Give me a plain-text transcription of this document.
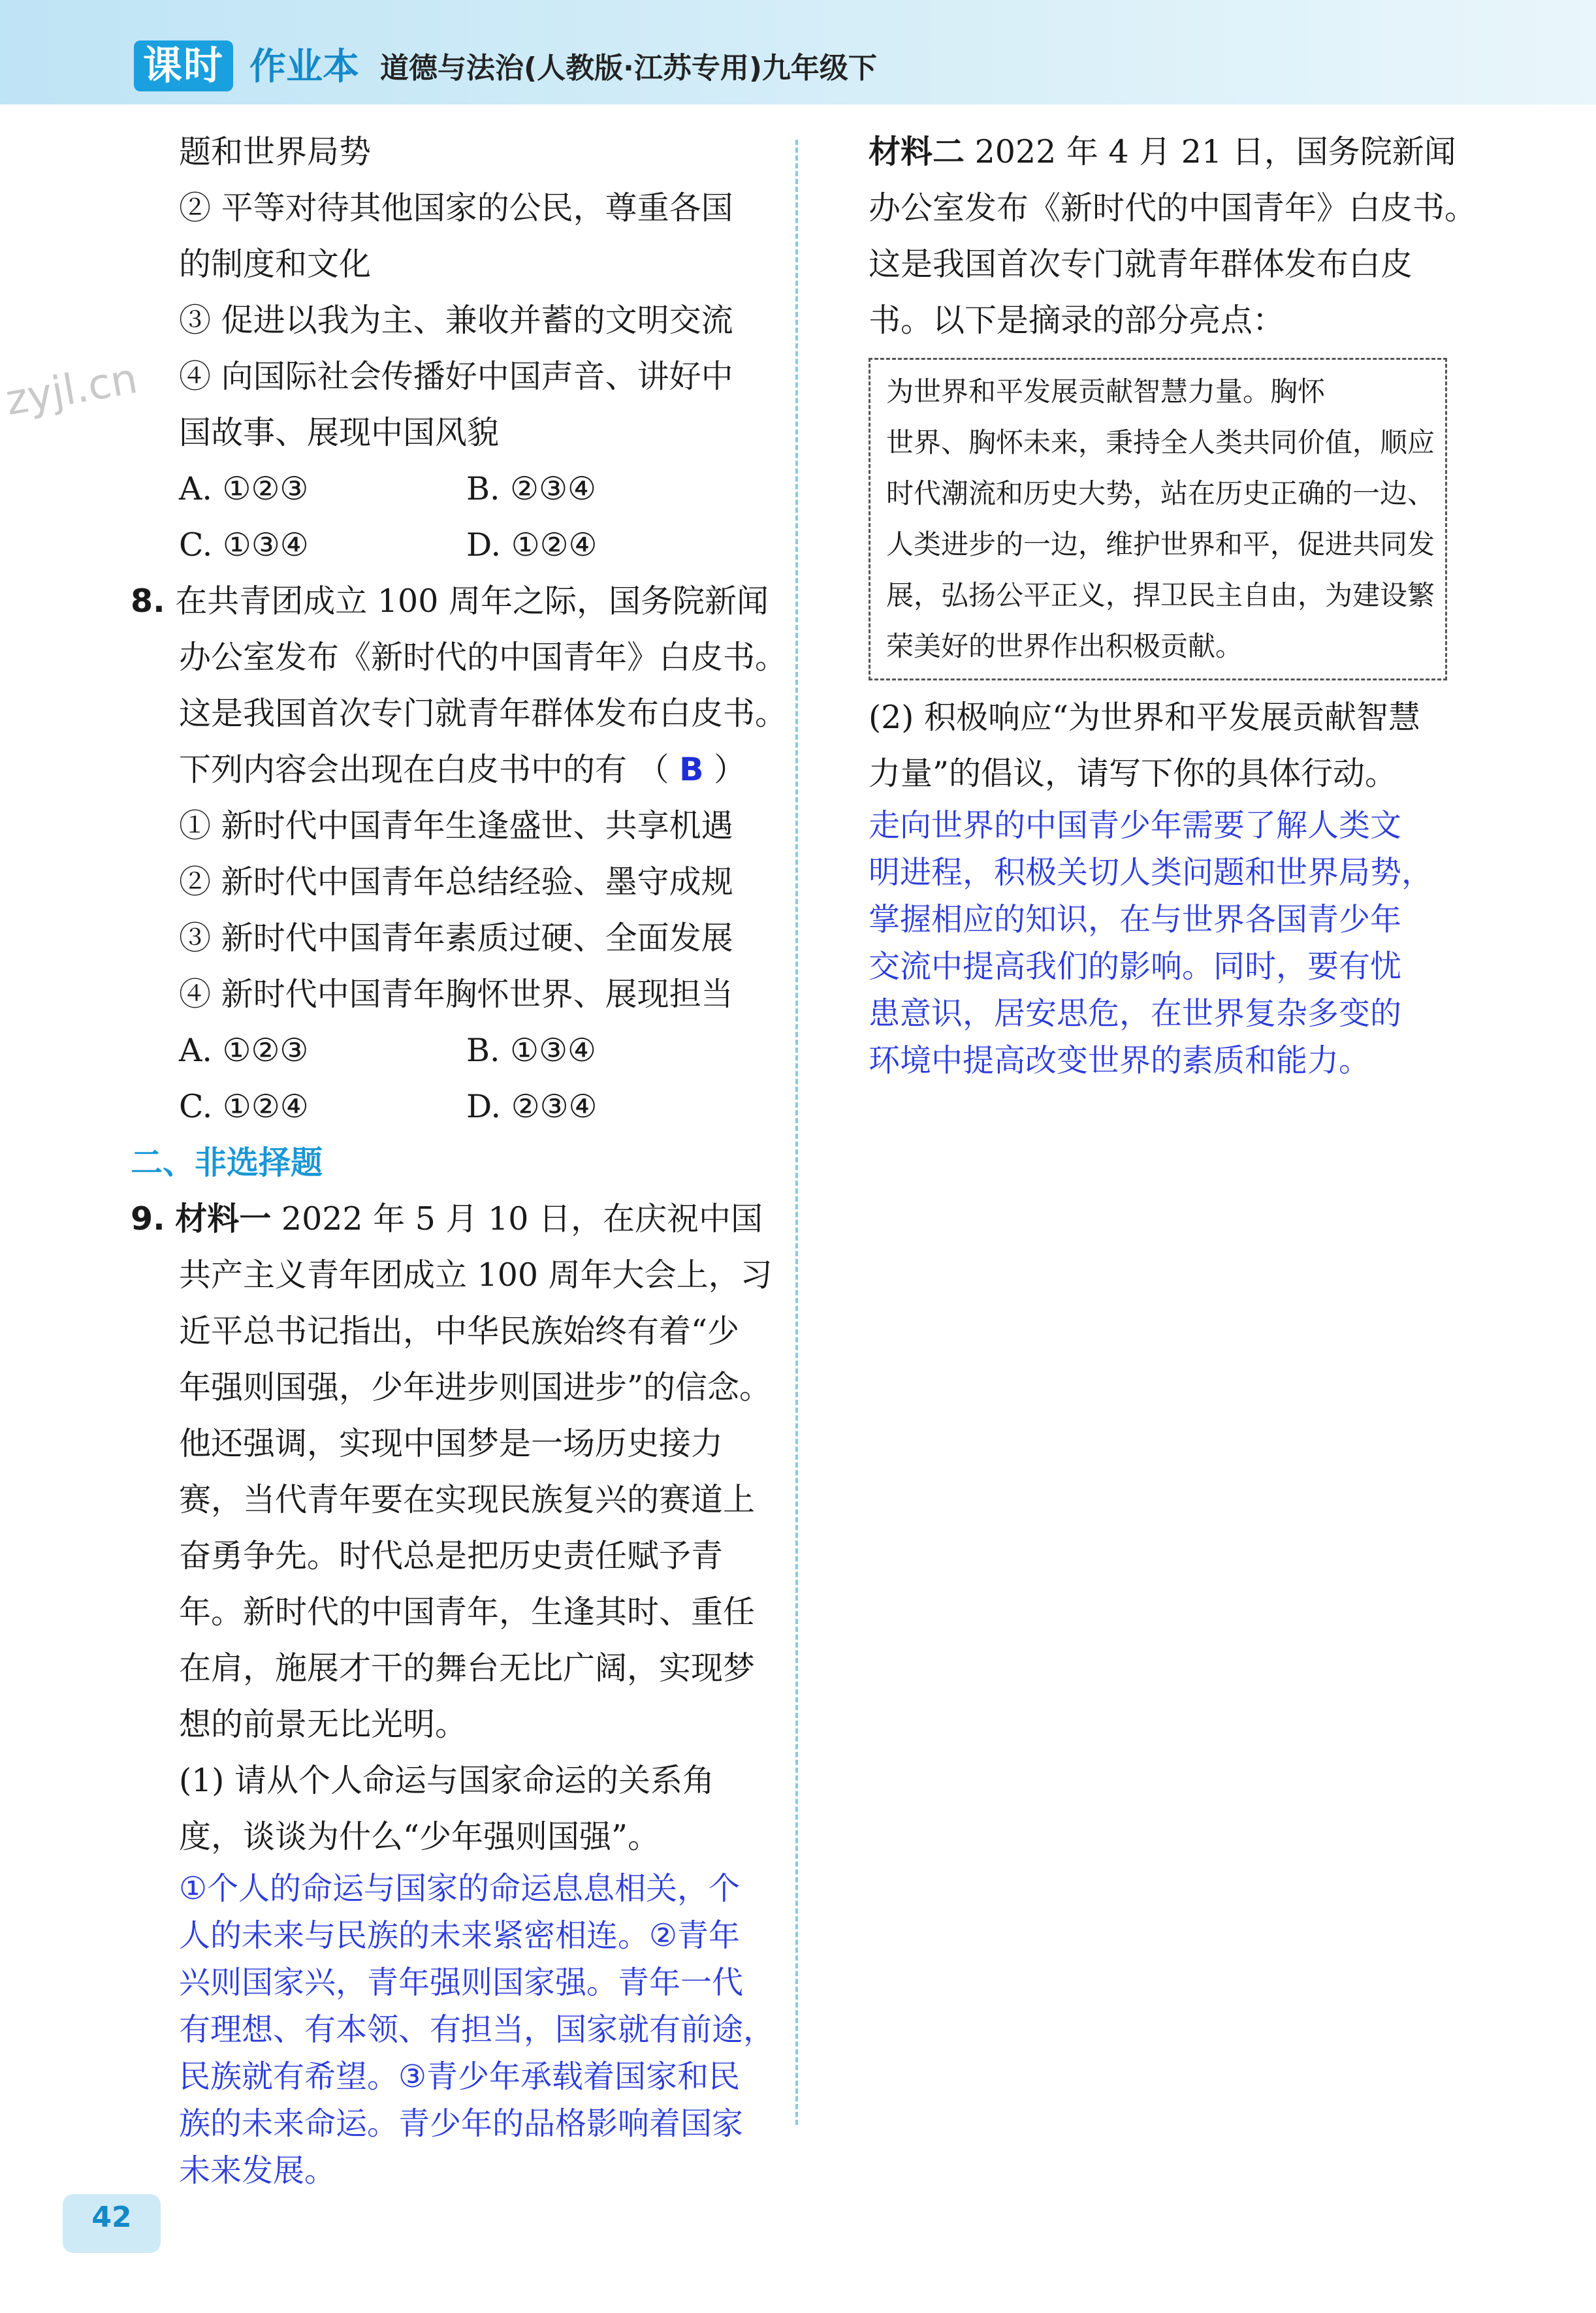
课时 作业本 道德与法治(人教版·江苏专用)九年级下
zyjl.cn

题和世界局势

② 平等对待其他国家的公民，尊重各国

的制度和文化

③ 促进以我为主、兼收并蓄的文明交流

④ 向国际社会传播好中国声音、讲好中

国故事、展现中国风貌

A. ①②③	B. ②③④

C. ①③④	D. ①②④

8. 在共青团成立 100 周年之际，国务院新闻

办公室发布《新时代的中国青年》白皮书。

这是我国首次专门就青年群体发布白皮书。

下列内容会出现在白皮书中的有 （ B ）

① 新时代中国青年生逢盛世、共享机遇

② 新时代中国青年总结经验、墨守成规

③ 新时代中国青年素质过硬、全面发展

④ 新时代中国青年胸怀世界、展现担当

A. ①②③	B. ①③④

C. ①②④	D. ②③④

二、非选择题

9. 材料一 2022 年 5 月 10 日，在庆祝中国

共产主义青年团成立 100 周年大会上，习

近平总书记指出，中华民族始终有着“少

年强则国强，少年进步则国进步”的信念。

他还强调，实现中国梦是一场历史接力

赛，当代青年要在实现民族复兴的赛道上

奋勇争先。时代总是把历史责任赋予青

年。新时代的中国青年，生逢其时、重任

在肩，施展才干的舞台无比广阔，实现梦

想的前景无比光明。

(1) 请从个人命运与国家命运的关系角

度，谈谈为什么“少年强则国强”。

①个人的命运与国家的命运息息相关，个

人的未来与民族的未来紧密相连。②青年

兴则国家兴，青年强则国家强。青年一代

有理想、有本领、有担当，国家就有前途，

民族就有希望。③青少年承载着国家和民

族的未来命运。青少年的品格影响着国家

未来发展。

材料二 2022 年 4 月 21 日，国务院新闻

办公室发布《新时代的中国青年》白皮书。

这是我国首次专门就青年群体发布白皮

书。以下是摘录的部分亮点：

为世界和平发展贡献智慧力量。胸怀

世界、胸怀未来，秉持全人类共同价值，顺应

时代潮流和历史大势，站在历史正确的一边、

人类进步的一边，维护世界和平，促进共同发

展，弘扬公平正义，捍卫民主自由，为建设繁

荣美好的世界作出积极贡献。

(2) 积极响应“为世界和平发展贡献智慧

力量”的倡议，请写下你的具体行动。

走向世界的中国青少年需要了解人类文

明进程，积极关切人类问题和世界局势，

掌握相应的知识，在与世界各国青少年

交流中提高我们的影响。同时，要有忧

患意识，居安思危，在世界复杂多变的

环境中提高改变世界的素质和能力。

42
